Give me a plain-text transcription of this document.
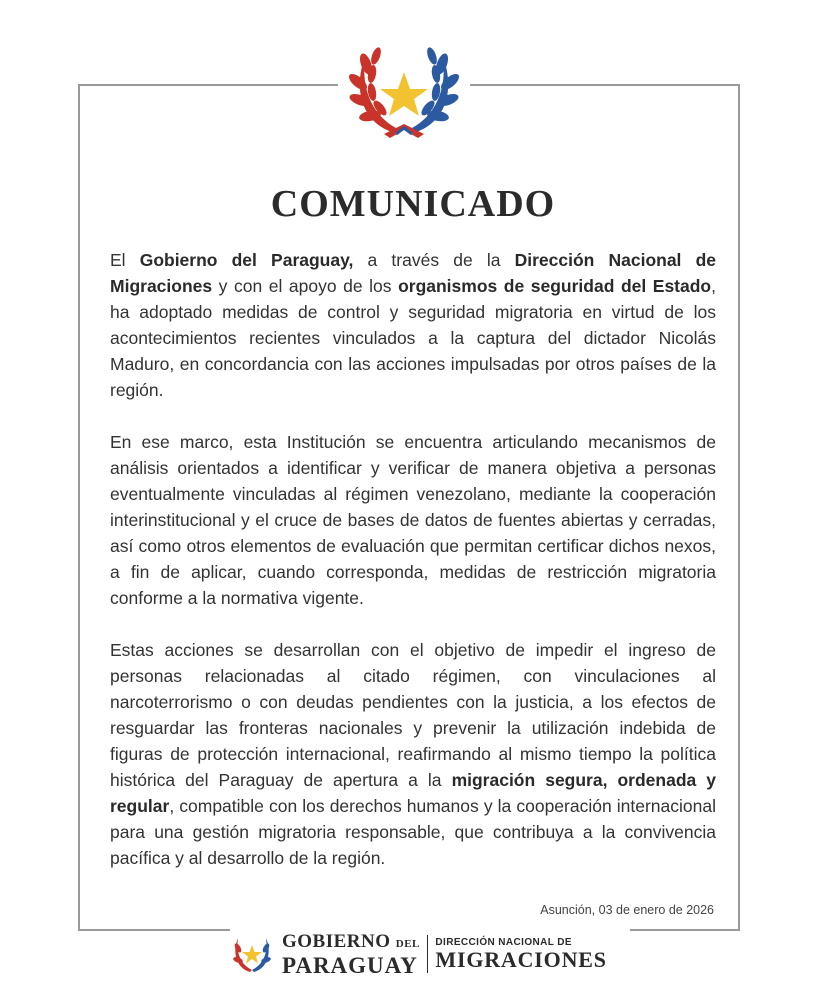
COMUNICADO

El Gobierno del Paraguay, a través de la Dirección Nacional de Migraciones y con el apoyo de los organismos de seguridad del Estado, ha adoptado medidas de control y seguridad migratoria en virtud de los acontecimientos recientes vinculados a la captura del dictador Nicolás Maduro, en concordancia con las acciones impulsadas por otros países de la región.

En ese marco, esta Institución se encuentra articulando mecanismos de análisis orientados a identificar y verificar de manera objetiva a personas eventualmente vinculadas al régimen venezolano, mediante la cooperación interinstitucional y el cruce de bases de datos de fuentes abiertas y cerradas, así como otros elementos de evaluación que permitan certificar dichos nexos, a fin de aplicar, cuando corresponda, medidas de restricción migratoria conforme a la normativa vigente.

Estas acciones se desarrollan con el objetivo de impedir el ingreso de personas relacionadas al citado régimen, con vinculaciones al narcoterrorismo o con deudas pendientes con la justicia, a los efectos de resguardar las fronteras nacionales y prevenir la utilización indebida de figuras de protección internacional, reafirmando al mismo tiempo la política histórica del Paraguay de apertura a la migración segura, ordenada y regular, compatible con los derechos humanos y la cooperación internacional para una gestión migratoria responsable, que contribuya a la convivencia pacífica y al desarrollo de la región.

Asunción, 03 de enero de 2026
GOBIERNO DEL
PARAGUAY
DIRECCIÓN NACIONAL DE
MIGRACIONES
